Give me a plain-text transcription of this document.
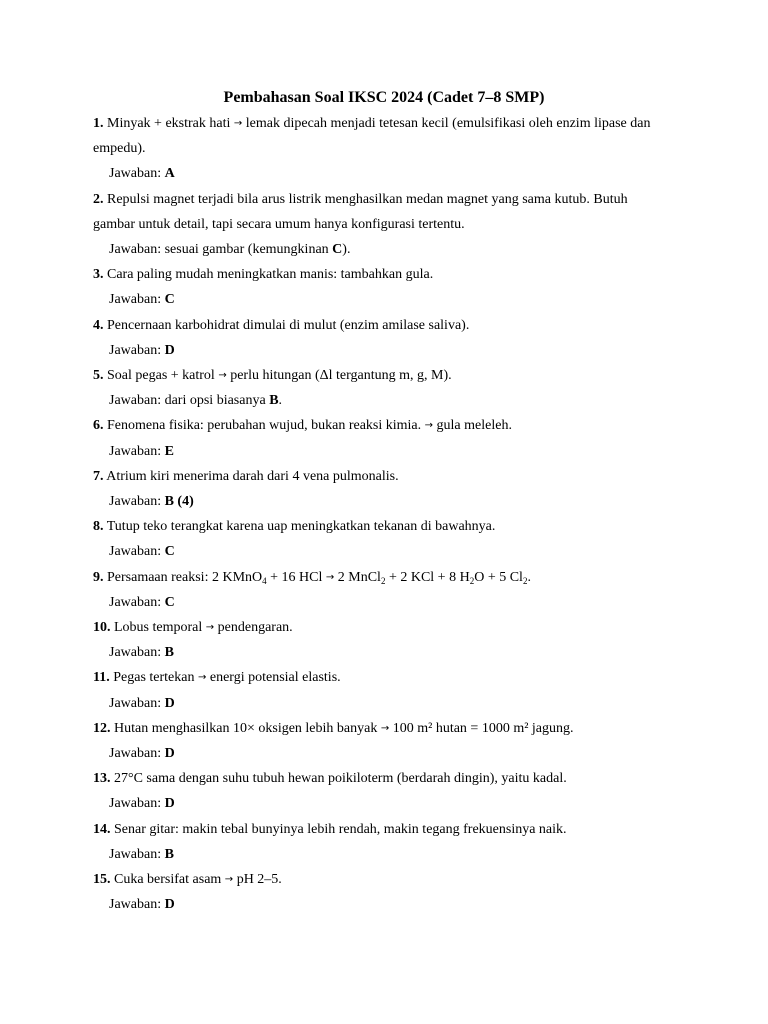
Pembahasan Soal IKSC 2024 (Cadet 7–8 SMP)

1. Minyak + ekstrak hati → lemak dipecah menjadi tetesan kecil (emulsifikasi oleh enzim lipase dan empedu).

Jawaban: A

2. Repulsi magnet terjadi bila arus listrik menghasilkan medan magnet yang sama kutub. Butuh gambar untuk detail, tapi secara umum hanya konfigurasi tertentu.

Jawaban: sesuai gambar (kemungkinan C).

3. Cara paling mudah meningkatkan manis: tambahkan gula.

Jawaban: C

4. Pencernaan karbohidrat dimulai di mulut (enzim amilase saliva).

Jawaban: D

5. Soal pegas + katrol → perlu hitungan (Δl tergantung m, g, M).

Jawaban: dari opsi biasanya B.

6. Fenomena fisika: perubahan wujud, bukan reaksi kimia. → gula meleleh.

Jawaban: E

7. Atrium kiri menerima darah dari 4 vena pulmonalis.

Jawaban: B (4)

8. Tutup teko terangkat karena uap meningkatkan tekanan di bawahnya.

Jawaban: C

9. Persamaan reaksi: 2 KMnO$_4$ + 16 HCl → 2 MnCl$_2$ + 2 KCl + 8 $H_2O + 5$ $Cl_2$.

Jawaban: C

10. Lobus temporal → pendengaran.

Jawaban: B

11. Pegas tertekan → energi potensial elastis.

Jawaban: D

12. Hutan menghasilkan 10× oksigen lebih banyak → 100 m² hutan = 1000 m² jagung.

Jawaban: D

13. 27°C sama dengan suhu tubuh hewan poikiloterm (berdarah dingin), yaitu kadal.

Jawaban: D

14. Senar gitar: makin tebal bunyinya lebih rendah, makin tegang frekuensinya naik.

Jawaban: B

15. Cuka bersifat asam → pH 2–5.

Jawaban: D
